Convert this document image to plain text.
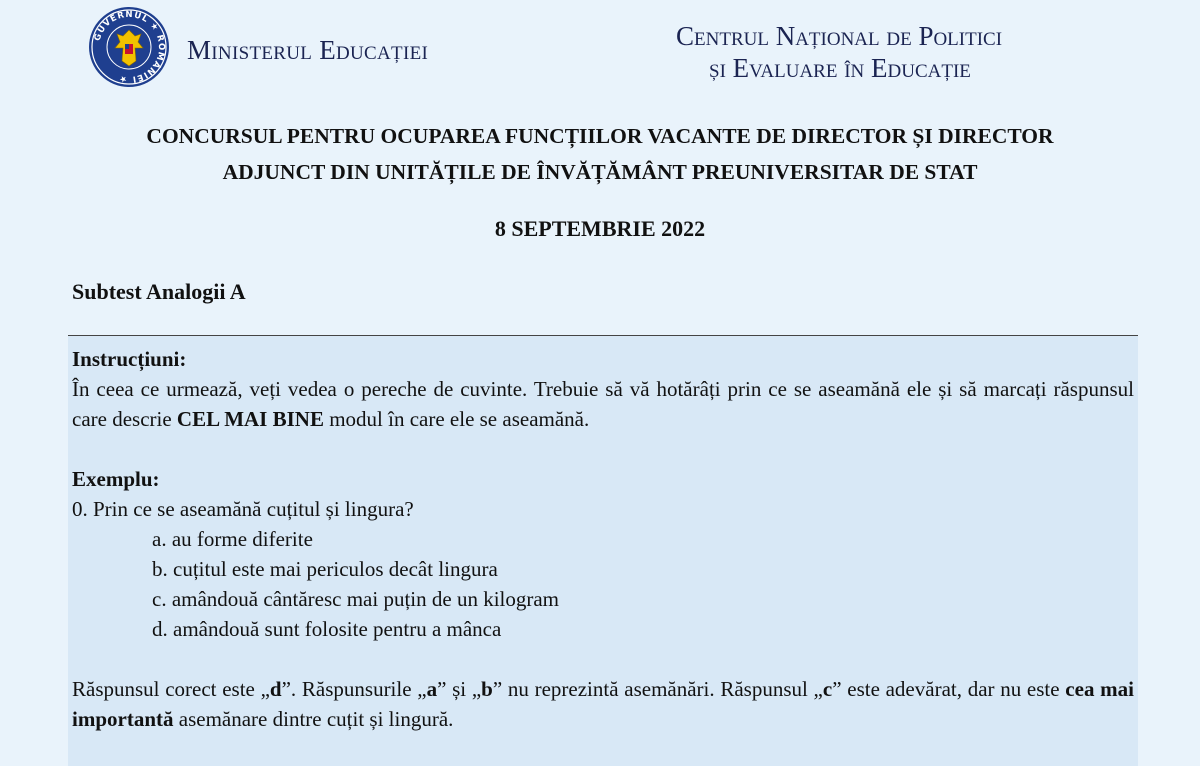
GUVERNUL ★ ROMÂNIEI ★
Ministerul Educației	Centrul Național de Politici
și Evaluare în Educație
CONCURSUL PENTRU OCUPAREA FUNCȚIILOR VACANTE DE DIRECTOR ȘI DIRECTOR
ADJUNCT DIN UNITĂȚILE DE ÎNVĂȚĂMÂNT PREUNIVERSITAR DE STAT
8 SEPTEMBRIE 2022
Subtest Analogii A
Instrucțiuni:
În ceea ce urmează, veți vedea o pereche de cuvinte. Trebuie să vă hotărâți prin ce se aseamănă ele și să marcați răspunsul care descrie CEL MAI BINE modul în care ele se aseamănă.
Exemplu:
0. Prin ce se aseamănă cuțitul și lingura?
a. au forme diferite
b. cuțitul este mai periculos decât lingura
c. amândouă cântăresc mai puțin de un kilogram
d. amândouă sunt folosite pentru a mânca
Răspunsul corect este „d”. Răspunsurile „a” și „b” nu reprezintă asemănări. Răspunsul „c” este adevărat, dar nu este cea mai importantă asemănare dintre cuțit și lingură.
